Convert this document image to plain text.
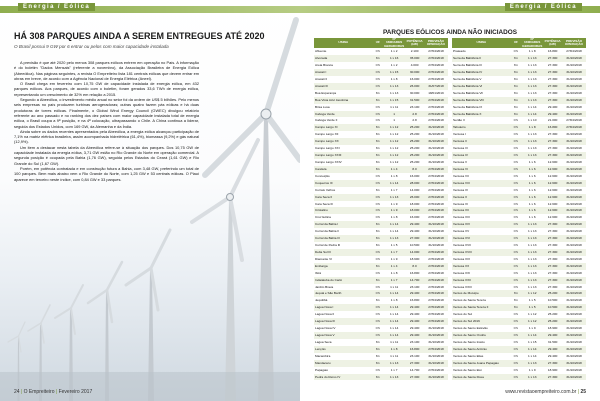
Energia / Eólica
HÁ 308 PARQUES AINDA A SEREM ENTREGUES ATÉ 2020
O Brasil possui 9 GW por 6 entrar ou pelos com maior capacidade instalada

A previsão é que até 2020 pelo menos 308 parques eólicos entrem em operação no País. A informação é do boletim "Dados Mensais" (referente a novembro), da Associação Brasileira de Energia Eólica (Abeeólica). Nas páginas seguintes, a revista O Empreiteiro lista 181 centrais eólicas que devem entrar em obras em breve, de acordo com a Agência Nacional de Energia Elétrica (Aneel).

O Brasil chega em fevereiro com 10,75 GW de capacidade instalada de energia eólica, em 432 parques eólicos. Aos parques, de acordo com o boletim, foram gerados 33,6 TWh de energia eólica, representando um crescimento de 32% em relação a 2015.

Segundo a Abeeólica, o investimento médio anual no setor foi da ordem de US$ 5 bilhões. Pelo menos seis empresas no país produzem turbinas aerogeradoras; outras quatro fazem pás eólicas e há duas produtoras de torres eólicas. Finalmente, o Global Wind Energy Council (GWEC) divulgou relatório referente ao ano passado e no ranking dos dez países com maior capacidade instalada total de energia eólica, o Brasil ocupa a 9ª posição, e na 4ª colocação, ultrapassando o Chile. A China continua a liderar, seguida dos Estados Unidos, com 169 GW, da Alemanha e da Índia.

Ainda sobre os dados recentes apresentados pela Abeeólica, a energia eólica alcançou participação de 7,1% na matriz elétrica brasileira, assim acompanhada hidrelétrica (61,4%), biomassa (9,2%) e gás natural (12,9%).

Um item a destacar nesta tabela da Abeeólica refere-se à situação dos parques. Dos 10,75 GW de capacidade instalada da energia eólica, 3,71 GW estão no Rio Grande do Norte em operação comercial. A segunda posição é ocupada pela Bahia (1,76 GW), seguida pelos Estados do Ceará (1,61 GW) e Rio Grande do Sul (1,67 GW).

Porém, em potência contratada e em construção futura a Bahia, com 3,48 GW, preferindo um total de 100 parques. Bem mais abaixo vem o Rio Grande do Norte, com 1,25 GW e 53 centrais eólicas. O Piauí aparece em terceiro neste índice, com 0,84 GW e 33 parques.

24 | O Empreiteiro | Fevereiro 2017
Energia / Eólica
PARQUES EÓLICOS AINDA NÃO INICIADOS
USINA	UF	Nº UNIDADES GERADORAS	POTÊNCIA (kW)	PREVISÃO OPERAÇÃO
Afluente	RN	1 x 2	2.100	27/04/2018
Alvorada	BA	1 x 16	35.000	27/04/2018
Areia Branca	RN	1 x 2	4.000	27/04/2018
Aracati I	RN	1 x 15	30.000	27/04/2018
Aracati II	RN	1 x 8	16.000	27/04/2018
Aracati III	RN	1 x 13	26.000	31/07/2018
Boa Esperança	BA	1 x 13	30.000	18/01/2019
Boa Vista Azul Jacobina	BA	1 x 15	31.500	27/04/2018
Brisa Lusa	RN	1 x 11	23.100	27/04/2018
Caboga Verde	RN	1	2.8	27/04/2018
Caboga Verde II	RN	1	2.8	27/04/2018
Campo Largo XI	BA	1 x 12	25.200	31/10/2018
Campo Largo XII	BA	1 x 12	25.200	31/10/2018
Campo Largo XX	BA	1 x 12	25.200	31/10/2018
Campo Largo XXI	BA	1 x 12	25.200	31/10/2018
Campo Largo XXIII	BA	1 x 12	25.200	31/10/2018
Campo Largo XXIV	BA	1 x 12	25.200	31/10/2018
Candela	BA	1 x 4	8.0	27/04/2018
Conceição	RN	1 x 8	16.000	27/04/2018
Coqueiros III	RN	1 x 14	28.000	27/04/2018
Currais Velhos	BA	1 x 7	14.000	27/04/2018
Cara Seca II	RN	1 x 13	26.000	27/04/2018
Cara Seca III	RN	1 x 9	18.000	27/04/2018
Cristalino	RN	1 x 9	18.000	27/04/2018
Cruz Eólica	RN	1 x 8	16.000	27/04/2018
Curral da Bahia I	BA	1 x 14	29.400	31/10/2018
Curral da Bahia II	BA	1 x 14	29.400	31/10/2018
Curral da Bahia III	BA	1 x 13	27.300	31/10/2018
Curral de Pedra III	BA	1 x 5	10.500	31/10/2018
Delta Sul III	RN	1 x 7	14.000	27/04/2018
Diamante VI	RN	1 x 9	18.900	27/04/2018
Embarga	BA	1 x 4	8.0	27/04/2018
Ibirá	RN	1 x 8	16.800	27/04/2018
Indaiatuba do Cariú	BA	1 x 7	14.700	27/04/2018
Jardim Brava	RN	1 x 11	23.100	27/04/2018
Jequiá e São Barth	RN	1 x 14	29.400	27/04/2018
Jequitibá	BA	1 x 8	16.800	27/04/2018
Lagoa Nova I	RN	1 x 14	29.400	27/04/2018
Lagoa Nova II	RN	1 x 14	29.400	27/04/2018
Lagoa Nova III	RN	1 x 14	29.400	27/04/2018
Lagoa Nova IV	RN	1 x 14	29.400	31/10/2018
Lagoa Nova V	RN	1 x 14	29.400	31/10/2018
Lagoa Seca	BA	1 x 11	23.100	31/10/2018
Lençóis	BA	1 x 8	16.800	27/04/2018
Macambira	BA	1 x 11	23.100	31/10/2018
Mandacaru	BA	1 x 13	27.300	31/10/2018
Papagaio	RN	1 x 7	14.700	27/04/2018
Pedra do Reino IV	BA	1 x 13	27.300	31/10/2018
USINA	UF	Nº UNIDADES GERADORAS	POTÊNCIA (kW)	PREVISÃO OPERAÇÃO
Prateado	RN	1 x 8	16.800	27/04/2018
Serra da Babilônia II	BA	1 x 13	27.300	31/10/2018
Serra da Babilônia III	BA	1 x 13	27.300	31/10/2018
Serra da Babilônia IV	BA	1 x 13	27.300	31/10/2018
Serra da Babilônia V	BA	1 x 13	27.300	31/10/2018
Serra da Babilônia VI	BA	1 x 13	27.300	31/10/2018
Serra da Babilônia VII	BA	1 x 13	27.300	31/10/2018
Serra da Babilônia VIII	BA	1 x 13	27.300	31/10/2018
Serra da Babilônia IX	BA	1 x 14	29.400	31/10/2018
Serra da Babilônia X	BA	1 x 14	29.400	31/10/2018
Sertão II	RN	1 x 10	21.000	27/04/2018
Tabuleiro	RN	1 x 8	16.800	27/04/2018
Ventosa I	RN	1 x 13	27.300	31/10/2018
Ventosa II	RN	1 x 13	27.300	31/10/2018
Ventosa III	RN	1 x 13	27.300	31/10/2018
Ventosa IV	RN	1 x 13	27.300	31/10/2018
Ventosa V	RN	1 x 6	12.600	31/10/2018
Ventosa VI	RN	1 x 6	12.600	31/10/2018
Ventosa VII	RN	1 x 6	12.600	31/10/2018
Ventosa VIII	RN	1 x 6	12.600	31/10/2018
Ventosa IX	RN	1 x 6	12.600	31/10/2018
Ventosa X	RN	1 x 6	12.600	31/10/2018
Ventosa XI	RN	1 x 6	12.600	31/10/2018
Ventosa XII	RN	1 x 6	12.600	31/10/2018
Ventosa XIII	RN	1 x 6	12.600	31/10/2018
Ventosa XIV	RN	1 x 13	27.300	31/10/2018
Ventosa XV	RN	1 x 13	27.300	31/10/2018
Ventosa XVI	RN	1 x 13	27.300	31/10/2018
Ventosa XVII	RN	1 x 13	27.300	31/10/2018
Ventosa XVIII	RN	1 x 13	27.300	31/10/2018
Ventosa XIX	RN	1 x 13	27.300	31/10/2018
Ventosa XX	RN	1 x 13	27.300	31/10/2018
Ventosa XXI	RN	1 x 13	27.300	31/10/2018
Ventosa XXII	RN	1 x 13	27.300	31/10/2018
Ventosa XXIII	RN	1 x 13	27.300	31/10/2018
Ventos de Mutuípe	BA	1 x 12	25.200	31/10/2018
Ventos de Santa Tereza	BA	1 x 5	10.500	31/10/2018
Ventos de Santa Tereza II	BA	1 x 5	10.500	31/10/2018
Ventos do Sul	RN	1 x 12	25.200	31/10/2018
Ventos do Sul 2016	RN	1 x 12	25.200	31/10/2018
Ventos de Santo Estêvão	RN	1 x 9	18.900	31/10/2018
Ventos de Santo Onofre	RN	1 x 14	29.400	31/10/2018
Ventos de Santo Inácio	RN	1 x 15	31.500	31/10/2018
Ventos de Santo Antônio	RN	1 x 14	29.400	31/10/2018
Ventos de Santo Elias	RN	1 x 14	29.400	31/10/2018
Ventos da Santa Joana Papagaio	RN	1 x 13	27.300	31/10/2018
Ventos de Santo Eloi	RN	1 x 9	18.900	31/10/2018
Ventos de Santa Rosa	RN	1 x 13	27.300	31/10/2018
www.revistaoempreiteiro.com.br | 25
